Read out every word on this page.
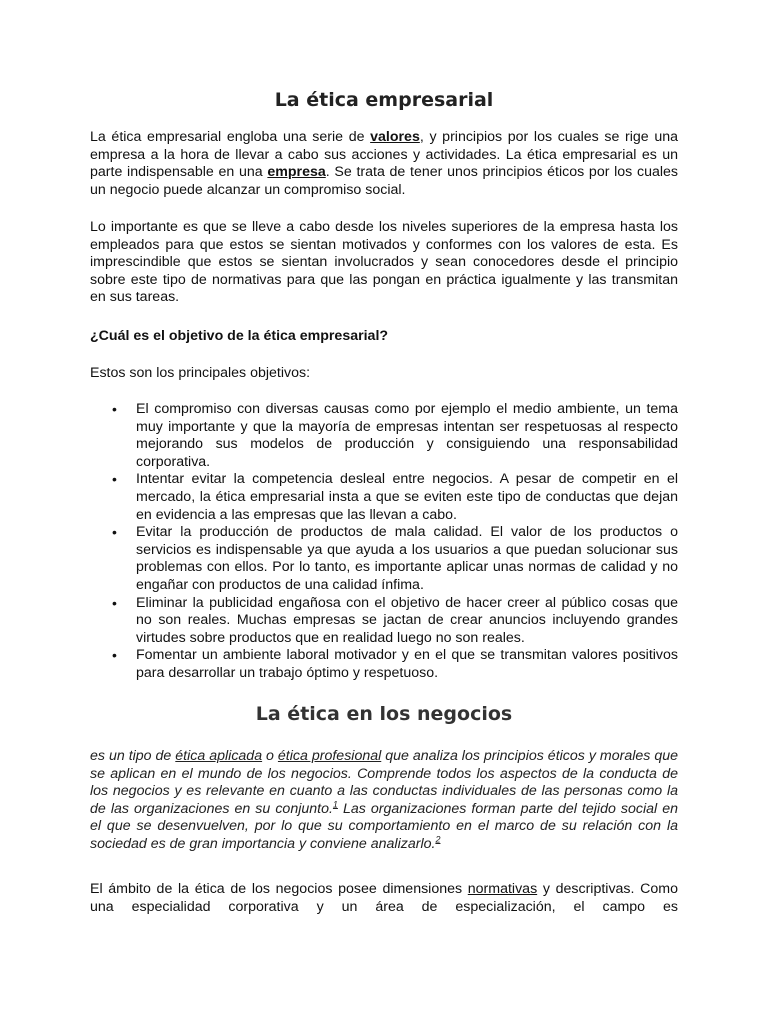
La ética empresarial

La ética empresarial engloba una serie de valores, y principios por los cuales se rige una empresa a la hora de llevar a cabo sus acciones y actividades. La ética empresarial es un parte indispensable en una empresa. Se trata de tener unos principios éticos por los cuales un negocio puede alcanzar un compromiso social.

Lo importante es que se lleve a cabo desde los niveles superiores de la empresa hasta los empleados para que estos se sientan motivados y conformes con los valores de esta. Es imprescindible que estos se sientan involucrados y sean conocedores desde el principio sobre este tipo de normativas para que las pongan en práctica igualmente y las transmitan en sus tareas.

¿Cuál es el objetivo de la ética empresarial?

Estos son los principales objetivos:

• El compromiso con diversas causas como por ejemplo el medio ambiente, un tema muy importante y que la mayoría de empresas intentan ser respetuosas al respecto mejorando sus modelos de producción y consiguiendo una responsabilidad corporativa.
• Intentar evitar la competencia desleal entre negocios. A pesar de competir en el mercado, la ética empresarial insta a que se eviten este tipo de conductas que dejan en evidencia a las empresas que las llevan a cabo.
• Evitar la producción de productos de mala calidad. El valor de los productos o servicios es indispensable ya que ayuda a los usuarios a que puedan solucionar sus problemas con ellos. Por lo tanto, es importante aplicar unas normas de calidad y no engañar con productos de una calidad ínfima.
• Eliminar la publicidad engañosa con el objetivo de hacer creer al público cosas que no son reales. Muchas empresas se jactan de crear anuncios incluyendo grandes virtudes sobre productos que en realidad luego no son reales.
• Fomentar un ambiente laboral motivador y en el que se transmitan valores positivos para desarrollar un trabajo óptimo y respetuoso.
La ética en los negocios

es un tipo de ética aplicada o ética profesional que analiza los principios éticos y morales que se aplican en el mundo de los negocios. Comprende todos los aspectos de la conducta de los negocios y es relevante en cuanto a las conductas individuales de las personas como la de las organizaciones en su conjunto.$^1$ Las organizaciones forman parte del tejido social en el que se desenvuelven, por lo que su comportamiento en el marco de su relación con la sociedad es de gran importancia y conviene analizarlo.$^2$

El ámbito de la ética de los negocios posee dimensiones normativas y descriptivas. Como una especialidad corporativa y un área de especialización, el campo es
